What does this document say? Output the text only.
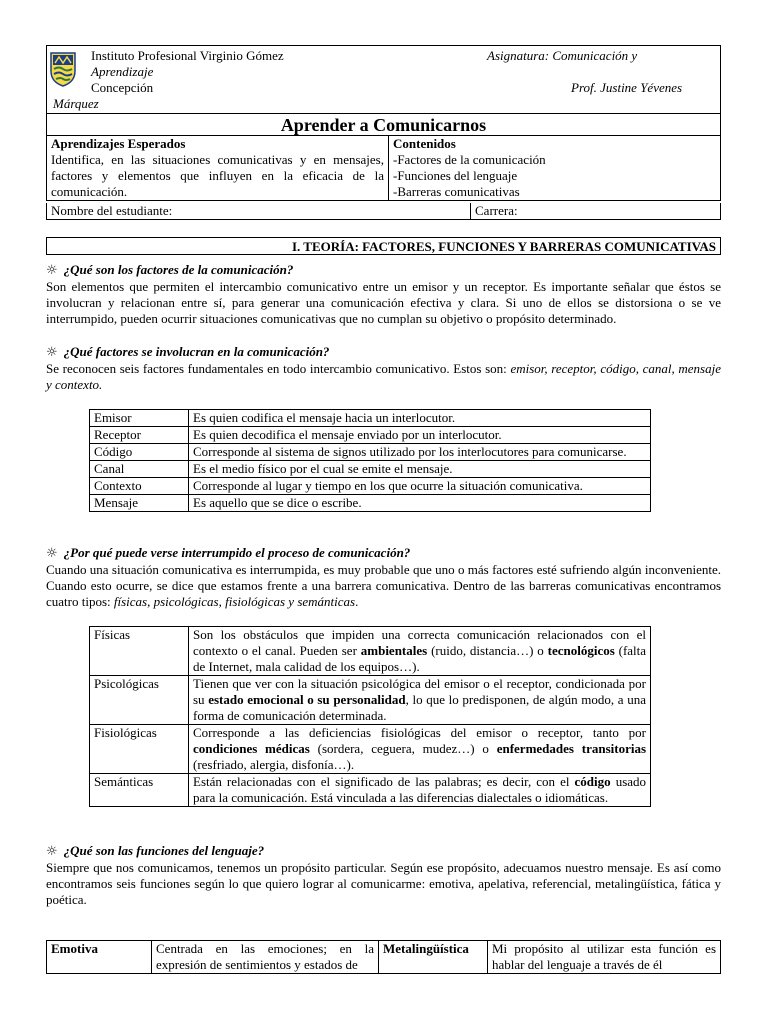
Instituto Profesional Virginio Gómez	Asignatura: Comunicación y
Aprendizaje
Concepción	Prof. Justine Yévenes
Márquez
Aprender a Comunicarnos
Aprendizajes Esperados
Identifica, en las situaciones comunicativas y en mensajes, factores y elementos que influyen en la eficacia de la comunicación.

Contenidos
-Factores de la comunicación
-Funciones del lenguaje
-Barreras comunicativas
Nombre del estudiante:	Carrera:
I. TEORÍA: FACTORES, FUNCIONES Y BARRERAS COMUNICATIVAS
☼ ¿Qué son los factores de la comunicación?
Son elementos que permiten el intercambio comunicativo entre un emisor y un receptor. Es importante señalar que éstos se involucran y relacionan entre sí, para generar una comunicación efectiva y clara. Si uno de ellos se distorsiona o se ve interrumpido, pueden ocurrir situaciones comunicativas que no cumplan su objetivo o propósito determinado.
☼ ¿Qué factores se involucran en la comunicación?
Se reconocen seis factores fundamentales en todo intercambio comunicativo. Estos son: emisor, receptor, código, canal, mensaje y contexto.
Emisor	Es quien codifica el mensaje hacia un interlocutor.
Receptor	Es quien decodifica el mensaje enviado por un interlocutor.
Código	Corresponde al sistema de signos utilizado por los interlocutores para comunicarse.
Canal	Es el medio físico por el cual se emite el mensaje.
Contexto	Corresponde al lugar y tiempo en los que ocurre la situación comunicativa.
Mensaje	Es aquello que se dice o escribe.
☼ ¿Por qué puede verse interrumpido el proceso de comunicación?
Cuando una situación comunicativa es interrumpida, es muy probable que uno o más factores esté sufriendo algún inconveniente. Cuando esto ocurre, se dice que estamos frente a una barrera comunicativa. Dentro de las barreras comunicativas encontramos cuatro tipos: físicas, psicológicas, fisiológicas y semánticas.
Físicas	Son los obstáculos que impiden una correcta comunicación relacionados con el contexto o el canal. Pueden ser ambientales (ruido, distancia…) o tecnológicos (falta de Internet, mala calidad de los equipos…).
Psicológicas	Tienen que ver con la situación psicológica del emisor o el receptor, condicionada por su estado emocional o su personalidad, lo que lo predisponen, de algún modo, a una forma de comunicación determinada.
Fisiológicas	Corresponde a las deficiencias fisiológicas del emisor o receptor, tanto por condiciones médicas (sordera, ceguera, mudez…) o enfermedades transitorias (resfriado, alergia, disfonía…).
Semánticas	Están relacionadas con el significado de las palabras; es decir, con el código usado para la comunicación. Está vinculada a las diferencias dialectales o idiomáticas.
☼ ¿Qué son las funciones del lenguaje?
Siempre que nos comunicamos, tenemos un propósito particular. Según ese propósito, adecuamos nuestro mensaje. Es así como encontramos seis funciones según lo que quiero lograr al comunicarme: emotiva, apelativa, referencial, metalingüística, fática y poética.
Emotiva	Centrada en las emociones; en la expresión de sentimientos y estados de	Metalingüística	Mi propósito al utilizar esta función es hablar del lenguaje a través de él
